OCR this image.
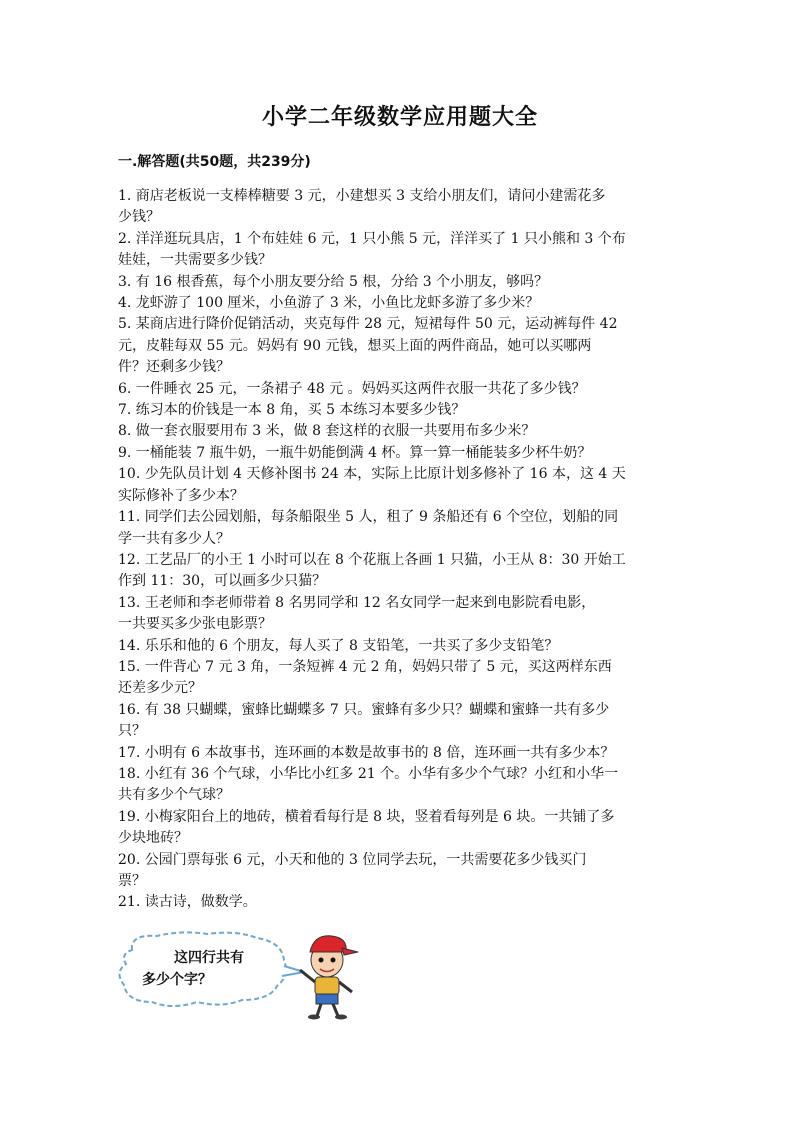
小学二年级数学应用题大全
一.解答题(共50题，共239分)

1. 商店老板说一支棒棒糖要 3 元，小建想买 3 支给小朋友们，请问小建需花多

少钱？

2. 洋洋逛玩具店，1 个布娃娃 6 元，1 只小熊 5 元，洋洋买了 1 只小熊和 3 个布

娃娃，一共需要多少钱？

3. 有 16 根香蕉，每个小朋友要分给 5 根，分给 3 个小朋友，够吗？

4. 龙虾游了 100 厘米，小鱼游了 3 米，小鱼比龙虾多游了多少米？

5. 某商店进行降价促销活动，夹克每件 28 元，短裙每件 50 元，运动裤每件 42

元，皮鞋每双 55 元。妈妈有 90 元钱，想买上面的两件商品，她可以买哪两

件？还剩多少钱？

6. 一件睡衣 25 元，一条裙子 48 元 。妈妈买这两件衣服一共花了多少钱？

7. 练习本的价钱是一本 8 角，买 5 本练习本要多少钱？

8. 做一套衣服要用布 3 米，做 8 套这样的衣服一共要用布多少米？

9. 一桶能装 7 瓶牛奶，一瓶牛奶能倒满 4 杯。算一算一桶能装多少杯牛奶？

10. 少先队员计划 4 天修补图书 24 本，实际上比原计划多修补了 16 本，这 4 天

实际修补了多少本？

11. 同学们去公园划船，每条船限坐 5 人，租了 9 条船还有 6 个空位，划船的同

学一共有多少人？

12. 工艺品厂的小王 1 小时可以在 8 个花瓶上各画 1 只猫，小王从 8：30 开始工

作到 11：30，可以画多少只猫？

13. 王老师和李老师带着 8 名男同学和 12 名女同学一起来到电影院看电影，

一共要买多少张电影票？

14. 乐乐和他的 6 个朋友，每人买了 8 支铅笔，一共买了多少支铅笔？

15. 一件背心 7 元 3 角，一条短裤 4 元 2 角，妈妈只带了 5 元，买这两样东西

还差多少元？

16. 有 38 只蝴蝶，蜜蜂比蝴蝶多 7 只。蜜蜂有多少只？蝴蝶和蜜蜂一共有多少

只？

17. 小明有 6 本故事书，连环画的本数是故事书的 8 倍，连环画一共有多少本？

18. 小红有 36 个气球，小华比小红多 21 个。小华有多少个气球？小红和小华一

共有多少个气球？

19. 小梅家阳台上的地砖，横着看每行是 8 块，竖着看每列是 6 块。一共铺了多

少块地砖？

20. 公园门票每张 6 元，小天和他的 3 位同学去玩，一共需要花多少钱买门

票？

21. 读古诗，做数学。

这四行共有
多少个字？
